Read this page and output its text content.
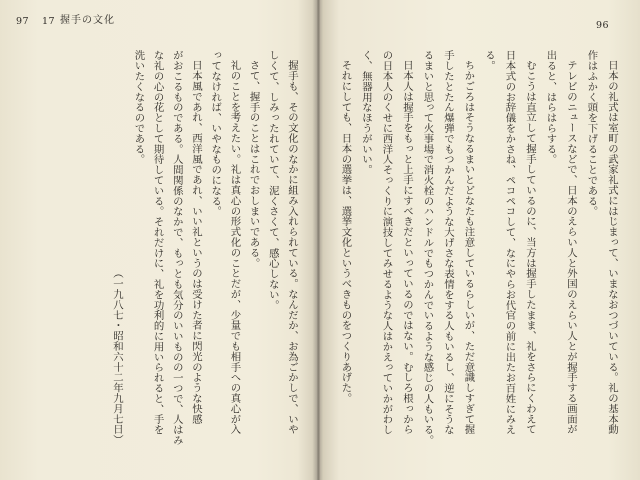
97 17 握手の文化
握手も、その文化のなかに組み入れられている。なんだか、お為ごかしで、いや
しくて、しみったれていて、泥くさくて、感心しない。
さて、握手のことはこれでおしまいである。
礼のことを考えたい。礼は真心の形式化のことだが、少量でも相手への真心が入
ってなければ、いやなものになる。
日本風であれ、西洋風であれ、いい礼というのは受けた者に閃光のような快感
がおこるものである。人間関係のなかで、もっとも気分のいいものの一つで、人はみ
な礼の心の花として期待している。それだけに、礼を功利的に用いられると、手を
洗いたくなるのである。
（一九八七・昭和六十二年九月七日）
96
日本の礼式は室町の武家礼式にはじまって、いまなおつづいている。礼の基本動
作はふかく頭を下げることである。
テレビのニュースなどで、日本のえらい人と外国のえらい人とが握手する画面が
出ると、はらはらする。
むこうは直立して握手しているのに、当方は握手したまま、礼をさらにくわえて
日本式のお辞儀をかさね、ペコペコして、なにやらお代官の前に出たお百姓にみえ
る。
ちかごろはそうなるまいとどなたも注意しているらしいが、ただ意識しすぎて握
手したとたん爆弾でもつかんだような大げさな表情をする人もいるし、逆にそうな
るまいと思って火事場で消火栓のハンドルでもつかんでいるような感じの人もいる。
日本人は握手をもっと上手にすべきだといっているのではない。むしろ根っから
の日本人のくせに西洋人そっくりに演技してみせるような人はかえっていかがわし
く、無器用なほうがいい。
それにしても、日本の選挙は、選挙文化というべきものをつくりあげた。
